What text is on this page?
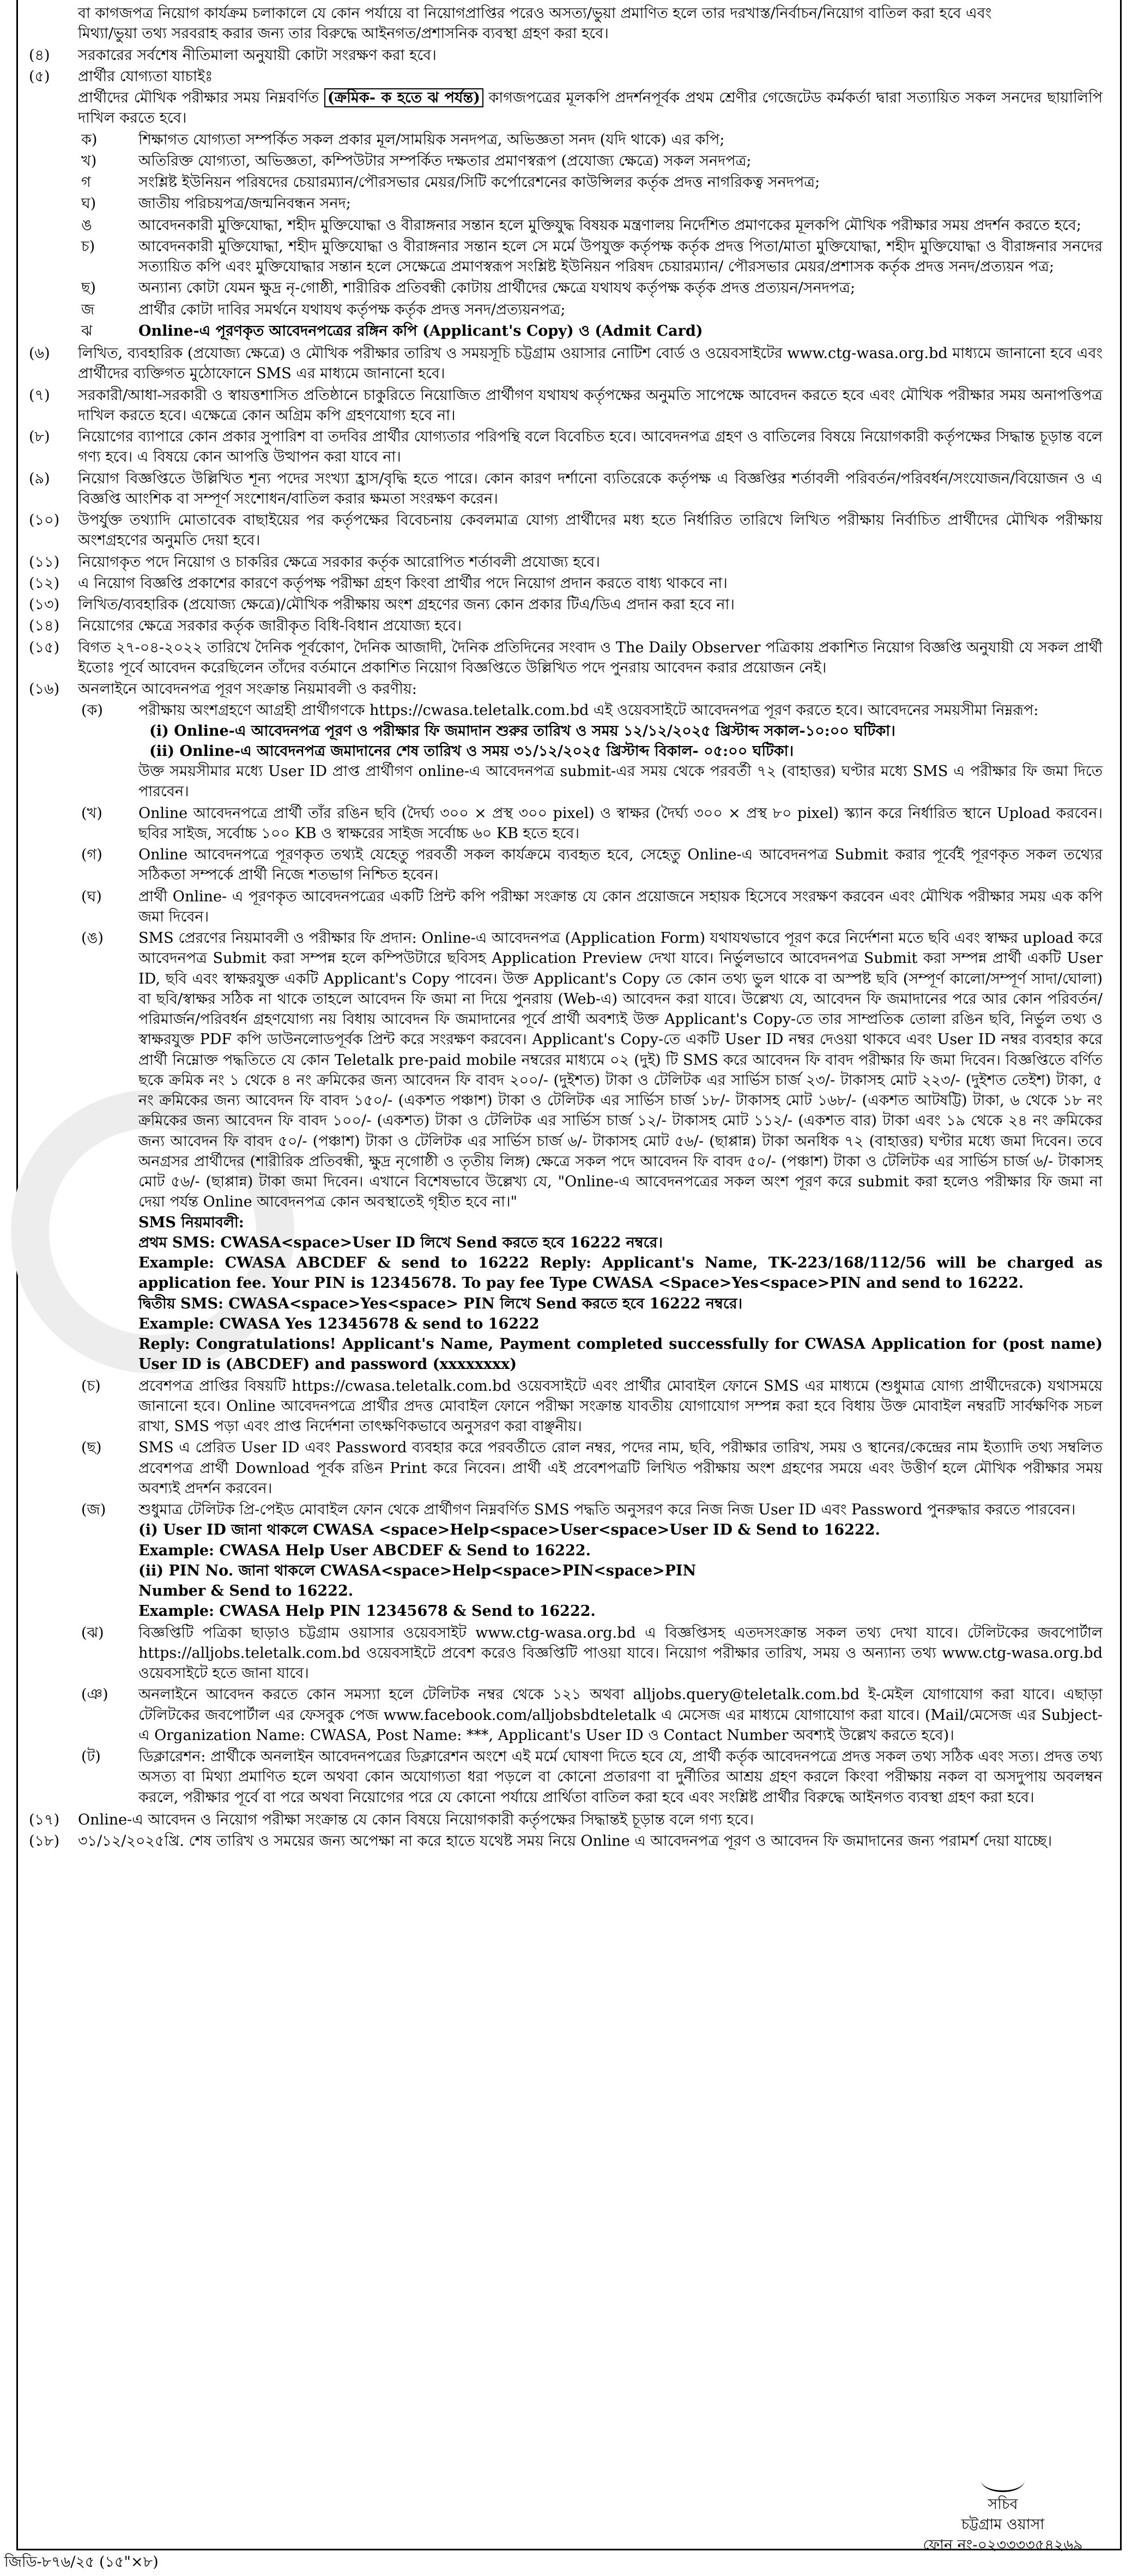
বা কাগজপত্র নিয়োগ কার্যক্রম চলাকালে যে কোন পর্যায়ে বা নিয়োগপ্রাপ্তির পরেও অসত্য/ভুয়া প্রমাণিত হলে তার দরখাস্ত/নির্বাচন/নিয়োগ বাতিল করা হবে এবং
মিথ্যা/ভুয়া তথ্য সরবরাহ করার জন্য তার বিরুদ্ধে আইনগত/প্রশাসনিক ব্যবস্থা গ্রহণ করা হবে।
(৪)	সরকারের সর্বশেষ নীতিমালা অনুযায়ী কোটা সংরক্ষণ করা হবে।
(৫)	প্রার্থীর যোগ্যতা যাচাইঃ
প্রার্থীদের মৌখিক পরীক্ষার সময় নিম্নবর্ণিত (ক্রমিক- ক হতে ঝ পর্যন্ত) কাগজপত্রের মূলকপি প্রদর্শনপূর্বক প্রথম শ্রেণীর গেজেটেড কর্মকর্তা দ্বারা সত্যায়িত সকল সনদের ছায়ালিপি দাখিল করতে হবে।
ক)	শিক্ষাগত যোগ্যতা সম্পর্কিত সকল প্রকার মূল/সাময়িক সনদপত্র, অভিজ্ঞতা সনদ (যদি থাকে) এর কপি;
খ)	অতিরিক্ত যোগ্যতা, অভিজ্ঞতা, কম্পিউটার সম্পর্কিত দক্ষতার প্রমাণস্বরূপ (প্রযোজ্য ক্ষেত্রে) সকল সনদপত্র;
গ	সংশ্লিষ্ট ইউনিয়ন পরিষদের চেয়ারম্যান/পৌরসভার মেয়র/সিটি কর্পোরেশনের কাউন্সিলর কর্তৃক প্রদত্ত নাগরিকত্ব সনদপত্র;
ঘ)	জাতীয় পরিচয়পত্র/জন্মনিবন্ধন সনদ;
ঙ	আবেদনকারী মুক্তিযোদ্ধা, শহীদ মুক্তিযোদ্ধা ও বীরাঙ্গনার সন্তান হলে মুক্তিযুদ্ধ বিষয়ক মন্ত্রণালয় নির্দেশিত প্রমাণকের মূলকপি মৌখিক পরীক্ষার সময় প্রদর্শন করতে হবে;
চ)	আবেদনকারী মুক্তিযোদ্ধা, শহীদ মুক্তিযোদ্ধা ও বীরাঙ্গনার সন্তান হলে সে মর্মে উপযুক্ত কর্তৃপক্ষ কর্তৃক প্রদত্ত পিতা/মাতা মুক্তিযোদ্ধা, শহীদ মুক্তিযোদ্ধা ও বীরাঙ্গনার সনদের সত্যায়িত কপি এবং মুক্তিযোদ্ধার সন্তান হলে সেক্ষেত্রে প্রমাণস্বরূপ সংশ্লিষ্ট ইউনিয়ন পরিষদ চেয়ারম্যান/ পৌরসভার মেয়র/প্রশাসক কর্তৃক প্রদত্ত সনদ/প্রত্যয়ন পত্র;
ছ)	অন্যান্য কোটা যেমন ক্ষুদ্র নৃ-গোষ্ঠী, শারীরিক প্রতিবন্ধী কোটায় প্রার্থীদের ক্ষেত্রে যথাযথ কর্তৃপক্ষ কর্তৃক প্রদত্ত প্রত্যয়ন/সনদপত্র;
জ	প্রার্থীর কোটা দাবির সমর্থনে যথাযথ কর্তৃপক্ষ কর্তৃক প্রদত্ত সনদ/প্রত্যয়নপত্র;
ঝ	Online-এ পূরণকৃত আবেদনপত্রের রঙ্গিন কপি (Applicant's Copy) ও (Admit Card)
(৬)	লিখিত, ব্যবহারিক (প্রযোজ্য ক্ষেত্রে) ও মৌখিক পরীক্ষার তারিখ ও সময়সূচি চট্টগ্রাম ওয়াসার নোটিশ বোর্ড ও ওয়েবসাইটের www.ctg-wasa.org.bd মাধ্যমে জানানো হবে এবং প্রার্থীদের ব্যক্তিগত মুঠোফোনে SMS এর মাধ্যমে জানানো হবে।
(৭)	সরকারী/আধা-সরকারী ও স্বায়ত্তশাসিত প্রতিষ্ঠানে চাকুরিতে নিয়োজিত প্রার্থীগণ যথাযথ কর্তৃপক্ষের অনুমতি সাপেক্ষে আবেদন করতে হবে এবং মৌখিক পরীক্ষার সময় অনাপত্তিপত্র দাখিল করতে হবে। এক্ষেত্রে কোন অগ্রিম কপি গ্রহণযোগ্য হবে না।
(৮)	নিয়োগের ব্যাপারে কোন প্রকার সুপারিশ বা তদবির প্রার্থীর যোগ্যতার পরিপন্থি বলে বিবেচিত হবে। আবেদনপত্র গ্রহণ ও বাতিলের বিষয়ে নিয়োগকারী কর্তৃপক্ষের সিদ্ধান্ত চূড়ান্ত বলে গণ্য হবে। এ বিষয়ে কোন আপত্তি উত্থাপন করা যাবে না।
(৯)	নিয়োগ বিজ্ঞপ্তিতে উল্লিখিত শূন্য পদের সংখ্যা হ্রাস/বৃদ্ধি হতে পারে। কোন কারণ দর্শানো ব্যতিরেকে কর্তৃপক্ষ এ বিজ্ঞপ্তির শর্তাবলী পরিবর্তন/পরিবর্ধন/সংযোজন/বিয়োজন ও এ বিজ্ঞপ্তি আংশিক বা সম্পূর্ণ সংশোধন/বাতিল করার ক্ষমতা সংরক্ষণ করেন।
(১০)	উপর্যুক্ত তথ্যাদি মোতাবেক বাছাইয়ের পর কর্তৃপক্ষের বিবেচনায় কেবলমাত্র যোগ্য প্রার্থীদের মধ্য হতে নির্ধারিত তারিখে লিখিত পরীক্ষায় নির্বাচিত প্রার্থীদের মৌখিক পরীক্ষায় অংশগ্রহণের অনুমতি দেয়া হবে।
(১১)	নিয়োগকৃত পদে নিয়োগ ও চাকরির ক্ষেত্রে সরকার কর্তৃক আরোপিত শর্তাবলী প্রযোজ্য হবে।
(১২)	এ নিয়োগ বিজ্ঞপ্তি প্রকাশের কারণে কর্তৃপক্ষ পরীক্ষা গ্রহণ কিংবা প্রার্থীর পদে নিয়োগ প্রদান করতে বাধ্য থাকবে না।
(১৩)	লিখিত/ব্যবহারিক (প্রযোজ্য ক্ষেত্রে)/মৌখিক পরীক্ষায় অংশ গ্রহণের জন্য কোন প্রকার টিএ/ডিএ প্রদান করা হবে না।
(১৪)	নিয়োগের ক্ষেত্রে সরকার কর্তৃক জারীকৃত বিধি-বিধান প্রযোজ্য হবে।
(১৫)	বিগত ২৭-০৪-২০২২ তারিখে দৈনিক পূর্বকোণ, দৈনিক আজাদী, দৈনিক প্রতিদিনের সংবাদ ও The Daily Observer পত্রিকায় প্রকাশিত নিয়োগ বিজ্ঞপ্তি অনুযায়ী যে সকল প্রার্থী ইতোঃ পূর্বে আবেদন করেছিলেন তাঁদের বর্তমানে প্রকাশিত নিয়োগ বিজ্ঞপ্তিতে উল্লিখিত পদে পুনরায় আবেদন করার প্রয়োজন নেই।
(১৬)	অনলাইনে আবেদনপত্র পূরণ সংক্রান্ত নিয়মাবলী ও করণীয়:
(ক)	পরীক্ষায় অংশগ্রহণে আগ্রহী প্রার্থীগণকে https://cwasa.teletalk.com.bd এই ওয়েবসাইটে আবেদনপত্র পূরণ করতে হবে। আবেদনের সময়সীমা নিম্নরূপ:
(i) Online-এ আবেদনপত্র পূরণ ও পরীক্ষার ফি জমাদান শুরুর তারিখ ও সময় ১২/১২/২০২৫ খ্রিস্টাব্দ সকাল-১০:০০ ঘটিকা।
(ii) Online-এ আবেদনপত্র জমাদানের শেষ তারিখ ও সময় ৩১/১২/২০২৫ খ্রিস্টাব্দ বিকাল- ০৫:০০ ঘটিকা।
উক্ত সময়সীমার মধ্যে User ID প্রাপ্ত প্রার্থীগণ online-এ আবেদনপত্র submit-এর সময় থেকে পরবর্তী ৭২ (বাহাত্তর) ঘণ্টার মধ্যে SMS এ পরীক্ষার ফি জমা দিতে পারবেন।
(খ)	Online আবেদনপত্রে প্রার্থী তাঁর রঙিন ছবি (দৈর্ঘ্য ৩০০ × প্রস্থ ৩০০ pixel) ও স্বাক্ষর (দৈর্ঘ্য ৩০০ × প্রস্থ ৮০ pixel) স্ক্যান করে নির্ধারিত স্থানে Upload করবেন। ছবির সাইজ, সর্বোচ্চ ১০০ KB ও স্বাক্ষরের সাইজ সর্বোচ্চ ৬০ KB হতে হবে।
(গ)	Online আবেদনপত্রে পূরণকৃত তথ্যই যেহেতু পরবর্তী সকল কার্যক্রমে ব্যবহৃত হবে, সেহেতু Online-এ আবেদনপত্র Submit করার পূর্বেই পূরণকৃত সকল তথ্যের সঠিকতা সম্পর্কে প্রার্থী নিজে শতভাগ নিশ্চিত হবেন।
(ঘ)	প্রার্থী Online- এ পূরণকৃত আবেদনপত্রের একটি প্রিন্ট কপি পরীক্ষা সংক্রান্ত যে কোন প্রয়োজনে সহায়ক হিসেবে সংরক্ষণ করবেন এবং মৌখিক পরীক্ষার সময় এক কপি জমা দিবেন।
(ঙ)	SMS প্রেরণের নিয়মাবলী ও পরীক্ষার ফি প্রদান: Online-এ আবেদনপত্র (Application Form) যথাযথভাবে পূরণ করে নির্দেশনা মতে ছবি এবং স্বাক্ষর upload করে আবেদনপত্র Submit করা সম্পন্ন হলে কম্পিউটারে ছবিসহ Application Preview দেখা যাবে। নির্ভুলভাবে আবেদনপত্র Submit করা সম্পন্ন প্রার্থী একটি User ID, ছবি এবং স্বাক্ষরযুক্ত একটি Applicant's Copy পাবেন। উক্ত Applicant's Copy তে কোন তথ্য ভুল থাকে বা অস্পষ্ট ছবি (সম্পূর্ণ কালো/সম্পূর্ণ সাদা/ঘোলা) বা ছবি/স্বাক্ষর সঠিক না থাকে তাহলে আবেদন ফি জমা না দিয়ে পুনরায় (Web-এ) আবেদন করা যাবে। উল্লেখ্য যে, আবেদন ফি জমাদানের পরে আর কোন পরিবর্তন/পরিমার্জন/পরিবর্ধন গ্রহণযোগ্য নয় বিধায় আবেদন ফি জমাদানের পূর্বে প্রার্থী অবশ্যই উক্ত Applicant's Copy-তে তার সাম্প্রতিক তোলা রঙিন ছবি, নির্ভুল তথ্য ও স্বাক্ষরযুক্ত PDF কপি ডাউনলোডপূর্বক প্রিন্ট করে সংরক্ষণ করবেন। Applicant's Copy-তে একটি User ID নম্বর দেওয়া থাকবে এবং User ID নম্বর ব্যবহার করে প্রার্থী নিম্নোক্ত পদ্ধতিতে যে কোন Teletalk pre-paid mobile নম্বরের মাধ্যমে ০২ (দুই) টি SMS করে আবেদন ফি বাবদ পরীক্ষার ফি জমা দিবেন। বিজ্ঞপ্তিতে বর্ণিত ছকে ক্রমিক নং ১ থেকে ৪ নং ক্রমিকের জন্য আবেদন ফি বাবদ ২০০/- (দুইশত) টাকা ও টেলিটক এর সার্ভিস চার্জ ২৩/- টাকাসহ মোট ২২৩/- (দুইশত তেইশ) টাকা, ৫ নং ক্রমিকের জন্য আবেদন ফি বাবদ ১৫০/- (একশত পঞ্চাশ) টাকা ও টেলিটক এর সার্ভিস চার্জ ১৮/- টাকাসহ মোট ১৬৮/- (একশত আটষট্টি) টাকা, ৬ থেকে ১৮ নং ক্রমিকের জন্য আবেদন ফি বাবদ ১০০/- (একশত) টাকা ও টেলিটক এর সার্ভিস চার্জ ১২/- টাকাসহ মোট ১১২/- (একশত বার) টাকা এবং ১৯ থেকে ২৪ নং ক্রমিকের জন্য আবেদন ফি বাবদ ৫০/- (পঞ্চাশ) টাকা ও টেলিটক এর সার্ভিস চার্জ ৬/- টাকাসহ মোট ৫৬/- (ছাপ্পান্ন) টাকা অনধিক ৭২ (বাহাত্তর) ঘণ্টার মধ্যে জমা দিবেন। তবে অনগ্রসর প্রার্থীদের (শারীরিক প্রতিবন্ধী, ক্ষুদ্র নৃগোষ্ঠী ও তৃতীয় লিঙ্গ) ক্ষেত্রে সকল পদে আবেদন ফি বাবদ ৫০/- (পঞ্চাশ) টাকা ও টেলিটক এর সার্ভিস চার্জ ৬/- টাকাসহ মোট ৫৬/- (ছাপ্পান্ন) টাকা জমা দিবেন। এখানে বিশেষভাবে উল্লেখ্য যে, "Online-এ আবেদনপত্রের সকল অংশ পূরণ করে submit করা হলেও পরীক্ষার ফি জমা না দেয়া পর্যন্ত Online আবেদনপত্র কোন অবস্থাতেই গৃহীত হবে না।"

SMS নিয়মাবলী:

প্রথম SMS: CWASA<space>User ID লিখে Send করতে হবে 16222 নম্বরে।

Example: CWASA ABCDEF & send to 16222 Reply: Applicant's Name, TK-223/168/112/56 will be charged as application fee. Your PIN is 12345678. To pay fee Type CWASA <Space>Yes<space>PIN and send to 16222.

দ্বিতীয় SMS: CWASA<space>Yes<space> PIN লিখে Send করতে হবে 16222 নম্বরে।

Example: CWASA Yes 12345678 & send to 16222

Reply: Congratulations! Applicant's Name, Payment completed successfully for CWASA Application for (post name) User ID is (ABCDEF) and password (xxxxxxxx)

(চ)	প্রবেশপত্র প্রাপ্তির বিষয়টি https://cwasa.teletalk.com.bd ওয়েবসাইটে এবং প্রার্থীর মোবাইল ফোনে SMS এর মাধ্যমে (শুধুমাত্র যোগ্য প্রার্থীদেরকে) যথাসময়ে জানানো হবে। Online আবেদনপত্রে প্রার্থীর প্রদত্ত মোবাইল ফোনে পরীক্ষা সংক্রান্ত যাবতীয় যোগাযোগ সম্পন্ন করা হবে বিধায় উক্ত মোবাইল নম্বরটি সার্বক্ষণিক সচল রাখা, SMS পড়া এবং প্রাপ্ত নির্দেশনা তাৎক্ষণিকভাবে অনুসরণ করা বাঞ্ছনীয়।
(ছ)	SMS এ প্রেরিত User ID এবং Password ব্যবহার করে পরবর্তীতে রোল নম্বর, পদের নাম, ছবি, পরীক্ষার তারিখ, সময় ও স্থানের/কেন্দ্রের নাম ইত্যাদি তথ্য সম্বলিত প্রবেশপত্র প্রার্থী Download পূর্বক রঙিন Print করে নিবেন। প্রার্থী এই প্রবেশপত্রটি লিখিত পরীক্ষায় অংশ গ্রহণের সময়ে এবং উত্তীর্ণ হলে মৌখিক পরীক্ষার সময় অবশ্যই প্রদর্শন করবেন।
(জ)	শুধুমাত্র টেলিটক প্রি-পেইড মোবাইল ফোন থেকে প্রার্থীগণ নিম্নবর্ণিত SMS পদ্ধতি অনুসরণ করে নিজ নিজ User ID এবং Password পুনরুদ্ধার করতে পারবেন।
(i) User ID জানা থাকলে CWASA <space>Help<space>User<space>User ID & Send to 16222.
Example: CWASA Help User ABCDEF & Send to 16222.
(ii) PIN No. জানা থাকলে CWASA<space>Help<space>PIN<space>PIN
Number & Send to 16222.
Example: CWASA Help PIN 12345678 & Send to 16222.
(ঝ)	বিজ্ঞপ্তিটি পত্রিকা ছাড়াও চট্টগ্রাম ওয়াসার ওয়েবসাইট www.ctg-wasa.org.bd এ বিজ্ঞপ্তিসহ এতদসংক্রান্ত সকল তথ্য দেখা যাবে। টেলিটকের জবপোর্টাল https://alljobs.teletalk.com.bd ওয়েবসাইটে প্রবেশ করেও বিজ্ঞপ্তিটি পাওয়া যাবে। নিয়োগ পরীক্ষার তারিখ, সময় ও অন্যান্য তথ্য www.ctg-wasa.org.bd ওয়েবসাইটে হতে জানা যাবে।
(ঞ)	অনলাইনে আবেদন করতে কোন সমস্যা হলে টেলিটক নম্বর থেকে ১২১ অথবা alljobs.query@teletalk.com.bd ই-মেইল যোগাযোগ করা যাবে। এছাড়া টেলিটকের জবপোর্টাল এর ফেসবুক পেজ www.facebook.com/alljobsbdteletalk এ মেসেজ এর মাধ্যমে যোগাযোগ করা যাবে। (Mail/মেসেজ এর Subject-এ Organization Name: CWASA, Post Name: ***, Applicant's User ID ও Contact Number অবশ্যই উল্লেখ করতে হবে)।
(ট)	ডিক্লারেশন: প্রার্থীকে অনলাইন আবেদনপত্রের ডিক্লারেশন অংশে এই মর্মে ঘোষণা দিতে হবে যে, প্রার্থী কর্তৃক আবেদনপত্রে প্রদত্ত সকল তথ্য সঠিক এবং সত্য। প্রদত্ত তথ্য অসত্য বা মিথ্যা প্রমাণিত হলে অথবা কোন অযোগ্যতা ধরা পড়লে বা কোনো প্রতারণা বা দুর্নীতির আশ্রয় গ্রহণ করলে কিংবা পরীক্ষায় নকল বা অসদুপায় অবলম্বন করলে, পরীক্ষার পূর্বে বা পরে অথবা নিয়োগের পরে যে কোনো পর্যায়ে প্রার্থিতা বাতিল করা হবে এবং সংশ্লিষ্ট প্রার্থীর বিরুদ্ধে আইনগত ব্যবস্থা গ্রহণ করা হবে।
(১৭)	Online-এ আবেদন ও নিয়োগ পরীক্ষা সংক্রান্ত যে কোন বিষয়ে নিয়োগকারী কর্তৃপক্ষের সিদ্ধান্তই চূড়ান্ত বলে গণ্য হবে।
(১৮)	৩১/১২/২০২৫খ্রি. শেষ তারিখ ও সময়ের জন্য অপেক্ষা না করে হাতে যথেষ্ট সময় নিয়ে Online এ আবেদনপত্র পূরণ ও আবেদন ফি জমাদানের জন্য পরামর্শ দেয়া যাচ্ছে।
সচিব
চট্টগ্রাম ওয়াসা
ফোন নং-০২৩৩৩৩৫৪২৬৯
জিডি-৮৭৬/২৫ (১৫"×৮)
